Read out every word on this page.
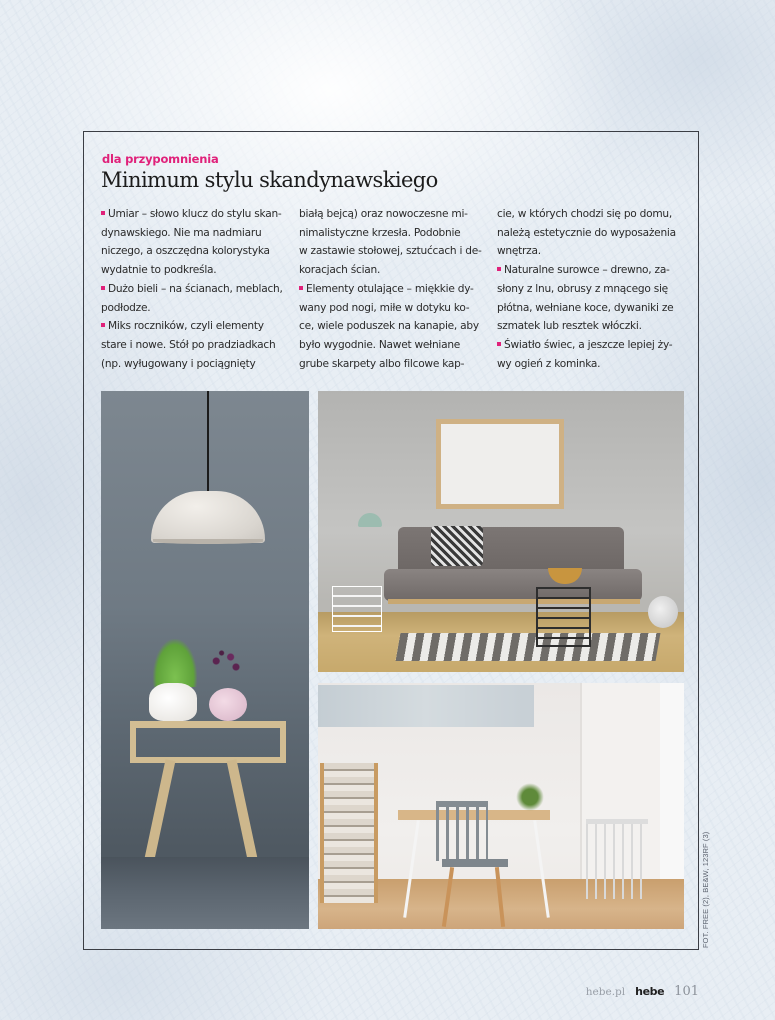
dla przypomnienia
Minimum stylu skandynawskiego

Umiar – słowo klucz do stylu skan-

dynawskiego. Nie ma nadmiaru

niczego, a oszczędna kolorystyka

wydatnie to podkreśla.

Dużo bieli – na ścianach, meblach,

podłodze.

Miks roczników, czyli elementy

stare i nowe. Stół po pradziadkach

(np. wyługowany i pociągnięty

białą bejcą) oraz nowoczesne mi-

nimalistyczne krzesła. Podobnie

w zastawie stołowej, sztućcach i de-

koracjach ścian.

Elementy otulające – miękkie dy-

wany pod nogi, miłe w dotyku ko-

ce, wiele poduszek na kanapie, aby

było wygodnie. Nawet wełniane

grube skarpety albo filcowe kap-

cie, w których chodzi się po domu,

należą estetycznie do wyposażenia

wnętrza.

Naturalne surowce – drewno, za-

słony z lnu, obrusy z mnącego się

płótna, wełniane koce, dywaniki ze

szmatek lub resztek włóczki.

Światło świec, a jeszcze lepiej ży-

wy ogień z kominka.

FOT. FREE (2), BE&W, 123RF (3)
hebe.pl hebe 101
